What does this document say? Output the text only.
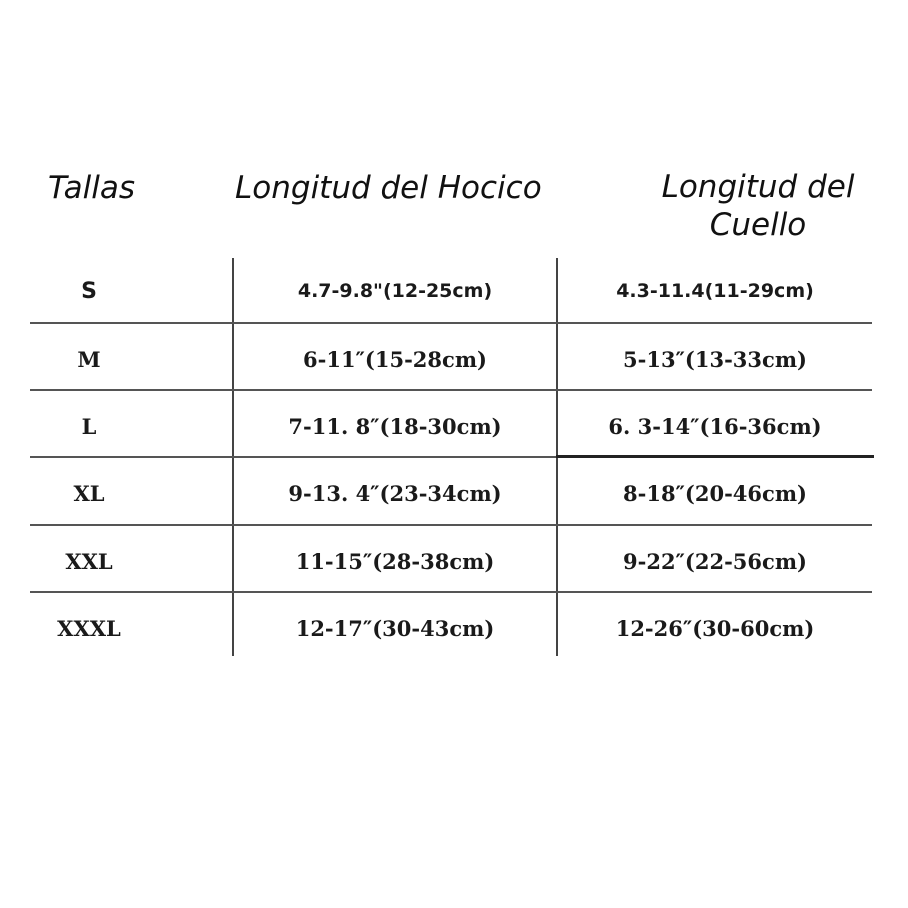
Tallas	Longitud del Hocico	Longitud del Cuello
S	4.7-9.8"(12-25cm)	4.3-11.4(11-29cm)
M	6-11″(15-28cm)	5-13″(13-33cm)
L	7-11. 8″(18-30cm)	6. 3-14″(16-36cm)
XL	9-13. 4″(23-34cm)	8-18″(20-46cm)
XXL	11-15″(28-38cm)	9-22″(22-56cm)
XXXL	12-17″(30-43cm)	12-26″(30-60cm)
